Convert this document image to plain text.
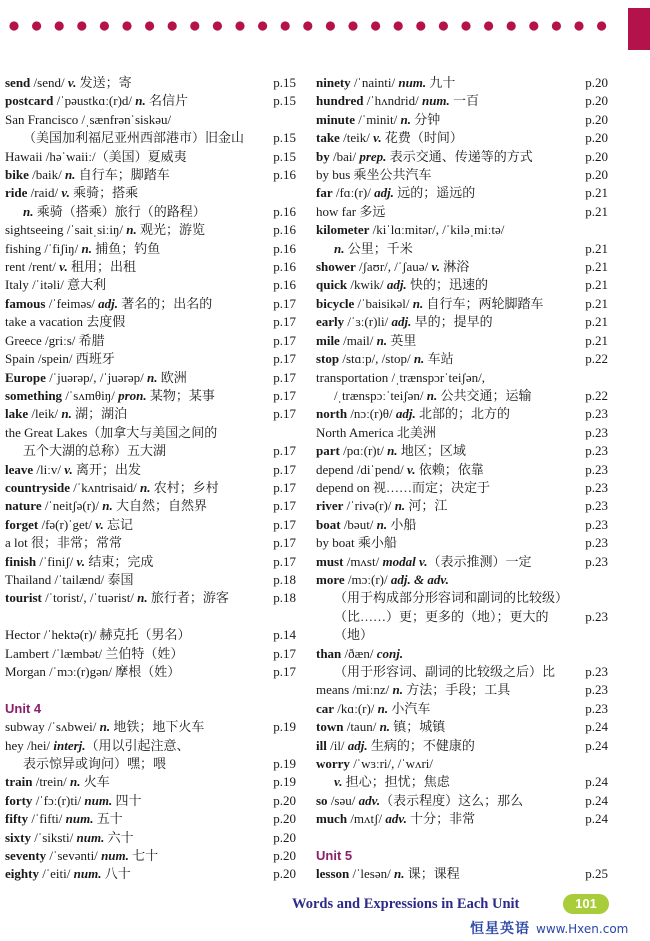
send /send/ v. 发送；寄	p.15
postcard /ˈpəustkɑː(r)d/ n. 名信片	p.15
San Francisco /ˌsænfrənˈsiskəu/
（美国加利福尼亚州西部港市）旧金山	p.15
Hawaii /həˈwaiiː/（美国）夏威夷	p.15
bike /baik/ n. 自行车；脚踏车	p.16
ride /raid/ v. 乘骑；搭乘
n. 乘骑（搭乘）旅行（的路程）	p.16
sightseeing /ˈsaitˌsiːiŋ/ n. 观光；游览	p.16
fishing /ˈfiʃiŋ/ n. 捕鱼；钓鱼	p.16
rent /rent/ v. 租用；出租	p.16
Italy /ˈitəli/ 意大利	p.16
famous /ˈfeiməs/ adj. 著名的；出名的	p.17
take a vacation 去度假	p.17
Greece /griːs/ 希腊	p.17
Spain /spein/ 西班牙	p.17
Europe /ˈjuərəp/, /ˈjuərəp/ n. 欧洲	p.17
something /ˈsʌmθiŋ/ pron. 某物；某事	p.17
lake /leik/ n. 湖；湖泊	p.17
the Great Lakes（加拿大与美国之间的
五个大湖的总称）五大湖	p.17
leave /liːv/ v. 离开；出发	p.17
countryside /ˈkʌntrisaid/ n. 农村；乡村	p.17
nature /ˈneitʃə(r)/ n. 大自然；自然界	p.17
forget /fə(r)ˈget/ v. 忘记	p.17
a lot 很；非常；常常	p.17
finish /ˈfiniʃ/ v. 结束；完成	p.17
Thailand /ˈtailænd/ 泰国	p.18
tourist /ˈtorist/, /ˈtuərist/ n. 旅行者；游客	p.18
Hector /ˈhektə(r)/ 赫克托（男名）	p.14
Lambert /ˈlæmbət/ 兰伯特（姓）	p.17
Morgan /ˈmɔː(r)gən/ 摩根（姓）	p.17
Unit 4
subway /ˈsʌbwei/ n. 地铁；地下火车	p.19
hey /hei/ interj.（用以引起注意、
表示惊异或询问）嘿；喂	p.19
train /trein/ n. 火车	p.19
forty /ˈfɔː(r)ti/ num. 四十	p.20
fifty /ˈfifti/ num. 五十	p.20
sixty /ˈsiksti/ num. 六十	p.20
seventy /ˈsevənti/ num. 七十	p.20
eighty /ˈeiti/ num. 八十	p.20
ninety /ˈnainti/ num. 九十	p.20
hundred /ˈhʌndrid/ num. 一百	p.20
minute /ˈminit/ n. 分钟	p.20
take /teik/ v. 花费（时间）	p.20
by /bai/ prep. 表示交通、传递等的方式	p.20
by bus 乘坐公共汽车	p.20
far /fɑː(r)/ adj. 远的；遥远的	p.21
how far 多远	p.21
kilometer /kiˈlɑːmitər/, /ˈkiləˌmiːtə/
n. 公里；千米	p.21
shower /ʃaʊr/, /ˈʃauə/ v. 淋浴	p.21
quick /kwik/ adj. 快的；迅速的	p.21
bicycle /ˈbaisikəl/ n. 自行车；两轮脚踏车	p.21
early /ˈɜː(r)li/ adj. 早的；提早的	p.21
mile /mail/ n. 英里	p.21
stop /stɑːp/, /stop/ n. 车站	p.22
transportation /ˌtrænspɔrˈteiʃən/,
/ˌtrænspɔːˈteiʃən/ n. 公共交通；运输	p.22
north /nɔː(r)θ/ adj. 北部的；北方的	p.23
North America 北美洲	p.23
part /pɑː(r)t/ n. 地区；区域	p.23
depend /diˈpend/ v. 依赖；依靠	p.23
depend on 视……而定；决定于	p.23
river /ˈrivə(r)/ n. 河；江	p.23
boat /bəut/ n. 小船	p.23
by boat 乘小船	p.23
must /mʌst/ modal v.（表示推测）一定	p.23
more /mɔː(r)/ adj. & adv.
（用于构成部分形容词和副词的比较级）
（比……）更；更多的（地）；更大的（地）
p.23
than /ðæn/ conj.
（用于形容词、副词的比较级之后）比	p.23
means /miːnz/ n. 方法；手段；工具	p.23
car /kɑː(r)/ n. 小汽车	p.23
town /taun/ n. 镇；城镇	p.24
ill /il/ adj. 生病的；不健康的	p.24
worry /ˈwɜːri/, /ˈwʌri/
v. 担心；担忧；焦虑	p.24
so /səu/ adv.（表示程度）这么；那么	p.24
much /mʌtʃ/ adv. 十分；非常	p.24
Unit 5
lesson /ˈlesən/ n. 课；课程	p.25
Words and Expressions in Each Unit	101
恒星英语 www.Hxen.com
